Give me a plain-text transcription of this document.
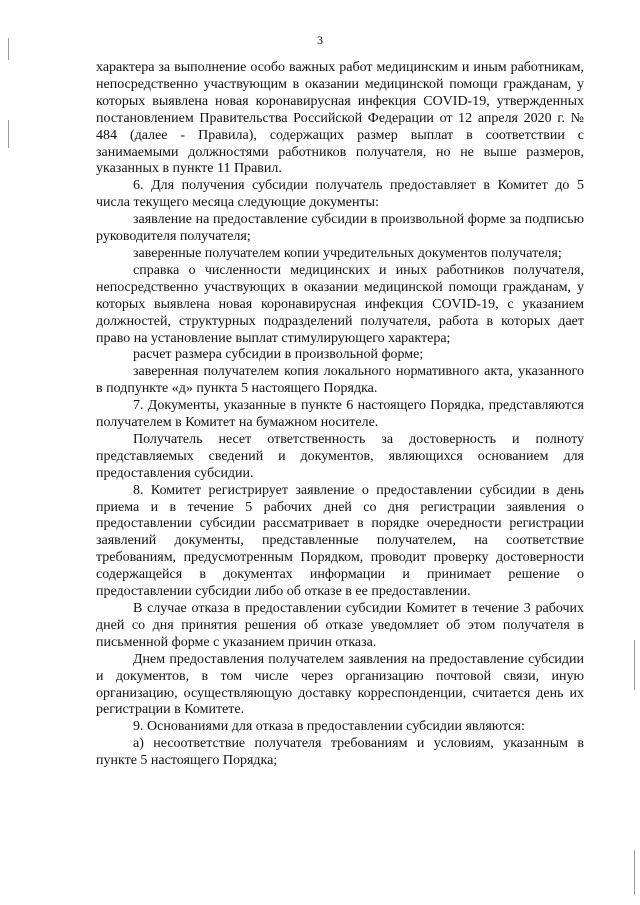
3

характера за выполнение особо важных работ медицинским и иным работникам, непосредственно участвующим в оказании медицинской помощи гражданам, у которых выявлена новая коронавирусная инфекция COVID-19, утвержденных постановлением Правительства Российской Федерации от 12 апреля 2020 г. № 484 (далее - Правила), содержащих размер выплат в соответствии с занимаемыми должностями работников получателя, но не выше размеров, указанных в пункте 11 Правил.

6. Для получения субсидии получатель предоставляет в Комитет до 5 числа текущего месяца следующие документы:

заявление на предоставление субсидии в произвольной форме за подписью руководителя получателя;

заверенные получателем копии учредительных документов получателя;

справка о численности медицинских и иных работников получателя, непосредственно участвующих в оказании медицинской помощи гражданам, у которых выявлена новая коронавирусная инфекция COVID-19, с указанием должностей, структурных подразделений получателя, работа в которых дает право на установление выплат стимулирующего характера;

расчет размера субсидии в произвольной форме;

заверенная получателем копия локального нормативного акта, указанного в подпункте «д» пункта 5 настоящего Порядка.

7. Документы, указанные в пункте 6 настоящего Порядка, представляются получателем в Комитет на бумажном носителе.

Получатель несет ответственность за достоверность и полноту представляемых сведений и документов, являющихся основанием для предоставления субсидии.

8. Комитет регистрирует заявление о предоставлении субсидии в день приема и в течение 5 рабочих дней со дня регистрации заявления о предоставлении субсидии рассматривает в порядке очередности регистрации заявлений документы, представленные получателем, на соответствие требованиям, предусмотренным Порядком, проводит проверку достоверности содержащейся в документах информации и принимает решение о предоставлении субсидии либо об отказе в ее предоставлении.

В случае отказа в предоставлении субсидии Комитет в течение 3 рабочих дней со дня принятия решения об отказе уведомляет об этом получателя в письменной форме с указанием причин отказа.

Днем предоставления получателем заявления на предоставление субсидии и документов, в том числе через организацию почтовой связи, иную организацию, осуществляющую доставку корреспонденции, считается день их регистрации в Комитете.

9. Основаниями для отказа в предоставлении субсидии являются:

а) несоответствие получателя требованиям и условиям, указанным в пункте 5 настоящего Порядка;
